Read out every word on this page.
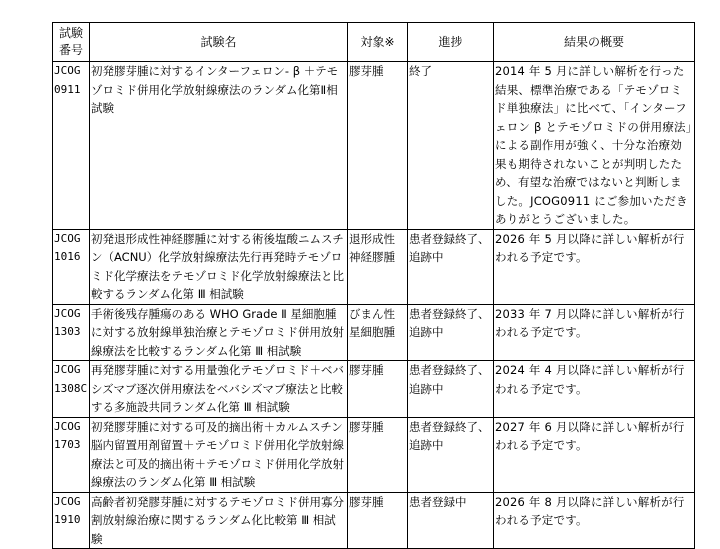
試験
番号	試験名	対象※	進捗	結果の概要
JCOG
0911	初発膠芽腫に対するインターフェロン- β ＋テモゾロミド併用化学放射線療法のランダム化第Ⅱ相試験	膠芽腫	終了	2014 年 5 月に詳しい解析を行った結果、標準治療である「テモゾロミド単独療法」に比べて、「インターフェロン β とテモゾロミドの併用療法」による副作用が強く、十分な治療効果も期待されないことが判明したため、有望な治療ではないと判断しました。JCOG0911 にご参加いただきありがとうございました。
JCOG
1016	初発退形成性神経膠腫に対する術後塩酸ニムスチン（ACNU）化学放射線療法先行再発時テモゾロミド化学療法をテモゾロミド化学放射線療法と比較するランダム化第 Ⅲ 相試験	退形成性神経膠腫	患者登録終了、追跡中	2026 年 5 月以降に詳しい解析が行われる予定です。
JCOG
1303	手術後残存腫瘍のある WHO Grade Ⅱ 星細胞腫に対する放射線単独治療とテモゾロミド併用放射線療法を比較するランダム化第 Ⅲ 相試験	びまん性星細胞腫	患者登録終了、追跡中	2033 年 7 月以降に詳しい解析が行われる予定です。
JCOG
1308C	再発膠芽腫に対する用量強化テモゾロミド＋ベバシズマブ逐次併用療法をベバシズマブ療法と比較する多施設共同ランダム化第 Ⅲ 相試験	膠芽腫	患者登録終了、追跡中	2024 年 4 月以降に詳しい解析が行われる予定です。
JCOG
1703	初発膠芽腫に対する可及的摘出術＋カルムスチン脳内留置用剤留置＋テモゾロミド併用化学放射線療法と可及的摘出術＋テモゾロミド併用化学放射線療法のランダム化第 Ⅲ 相試験	膠芽腫	患者登録終了、追跡中	2027 年 6 月以降に詳しい解析が行われる予定です。
JCOG
1910	高齢者初発膠芽腫に対するテモゾロミド併用寡分割放射線治療に関するランダム化比較第 Ⅲ 相試験	膠芽腫	患者登録中	2026 年 8 月以降に詳しい解析が行われる予定です。
